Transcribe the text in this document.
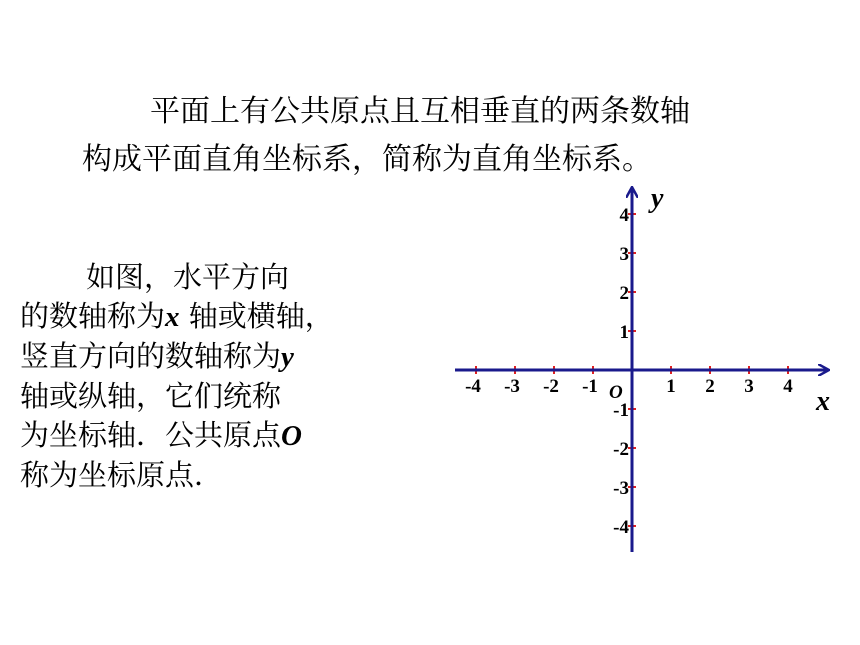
平面上有公共原点且互相垂直的两条数轴
构成平面直角坐标系，简称为直角坐标系。

如图，水平方向
的数轴称为x 轴或横轴，
竖直方向的数轴称为y
轴或纵轴，它们统称
为坐标轴．公共原点O
称为坐标原点．

x
y
O
-4 -3 -2 -1	1 2 3 4
4
3
2
1
-1
-2
-3
-4
